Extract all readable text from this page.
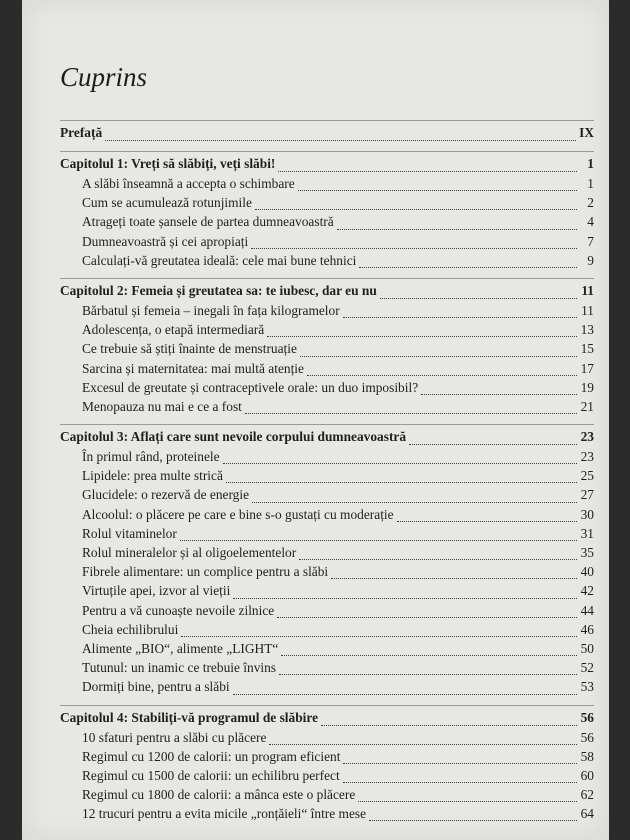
Cuprins
Prefață	IX
Capitolul 1: Vreți să slăbiți, veți slăbi!	1
A slăbi înseamnă a accepta o schimbare	1
Cum se acumulează rotunjimile	2
Atrageți toate șansele de partea dumneavoastră	4
Dumneavoastră și cei apropiați	7
Calculați-vă greutatea ideală: cele mai bune tehnici	9
Capitolul 2: Femeia și greutatea sa: te iubesc, dar eu nu	11
Bărbatul și femeia – inegali în fața kilogramelor	11
Adolescența, o etapă intermediară	13
Ce trebuie să știți înainte de menstruație	15
Sarcina și maternitatea: mai multă atenție	17
Excesul de greutate și contraceptivele orale: un duo imposibil?	19
Menopauza nu mai e ce a fost	21
Capitolul 3: Aflați care sunt nevoile corpului dumneavoastră	23
În primul rând, proteinele	23
Lipidele: prea multe strică	25
Glucidele: o rezervă de energie	27
Alcoolul: o plăcere pe care e bine s-o gustați cu moderație	30
Rolul vitaminelor	31
Rolul mineralelor și al oligoelementelor	35
Fibrele alimentare: un complice pentru a slăbi	40
Virtuțile apei, izvor al vieții	42
Pentru a vă cunoaște nevoile zilnice	44
Cheia echilibrului	46
Alimente „BIO“, alimente „LIGHT“	50
Tutunul: un inamic ce trebuie învins	52
Dormiți bine, pentru a slăbi	53
Capitolul 4: Stabiliți-vă programul de slăbire	56
10 sfaturi pentru a slăbi cu plăcere	56
Regimul cu 1200 de calorii: un program eficient	58
Regimul cu 1500 de calorii: un echilibru perfect	60
Regimul cu 1800 de calorii: a mânca este o plăcere	62
12 trucuri pentru a evita micile „ronțăieli“ între mese	64
